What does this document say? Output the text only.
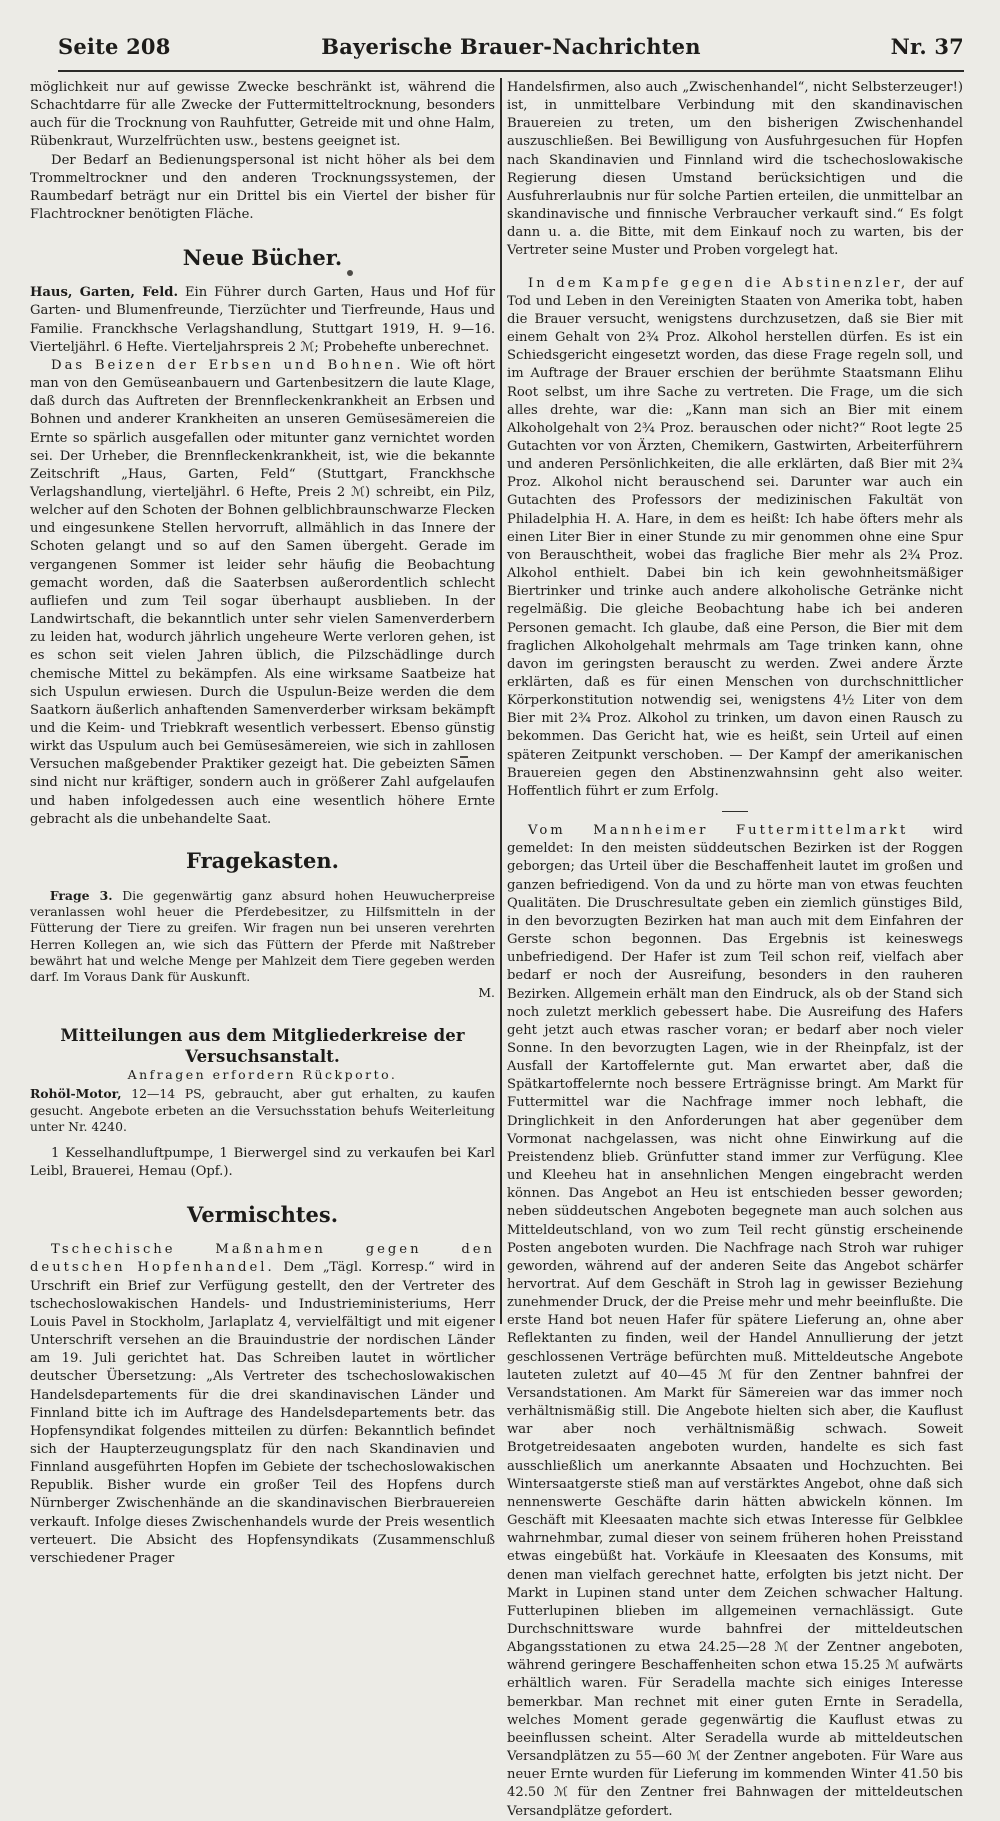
Seite 208	Bayerische Brauer-Nachrichten	Nr. 37

möglichkeit nur auf gewisse Zwecke beschränkt ist, während die Schachtdarre für alle Zwecke der Futtermitteltrocknung, besonders auch für die Trocknung von Rauhfutter, Getreide mit und ohne Halm, Rübenkraut, Wurzelfrüchten usw., bestens geeignet ist.

Der Bedarf an Bedienungspersonal ist nicht höher als bei dem Trommeltrockner und den anderen Trocknungssystemen, der Raumbedarf beträgt nur ein Drittel bis ein Viertel der bisher für Flachtrockner benötigten Fläche.

Neue Bücher.

Haus, Garten, Feld. Ein Führer durch Garten, Haus und Hof für Garten- und Blumenfreunde, Tierzüchter und Tierfreunde, Haus und Familie. Franckhsche Verlagshandlung, Stuttgart 1919, H. 9—16. Vierteljährl. 6 Hefte. Vierteljahrspreis 2 ℳ; Probehefte unberechnet.

Das Beizen der Erbsen und Bohnen. Wie oft hört man von den Gemüseanbauern und Gartenbesitzern die laute Klage, daß durch das Auftreten der Brennfleckenkrankheit an Erbsen und Bohnen und anderer Krankheiten an unseren Gemüsesämereien die Ernte so spärlich ausgefallen oder mitunter ganz vernichtet worden sei. Der Urheber, die Brennfleckenkrankheit, ist, wie die bekannte Zeitschrift „Haus, Garten, Feld“ (Stuttgart, Franckhsche Verlagshandlung, vierteljährl. 6 Hefte, Preis 2 ℳ) schreibt, ein Pilz, welcher auf den Schoten der Bohnen gelblichbraunschwarze Flecken und eingesunkene Stellen hervorruft, allmählich in das Innere der Schoten gelangt und so auf den Samen übergeht. Gerade im vergangenen Sommer ist leider sehr häufig die Beobachtung gemacht worden, daß die Saaterbsen außerordentlich schlecht aufliefen und zum Teil sogar überhaupt ausblieben. In der Landwirtschaft, die bekanntlich unter sehr vielen Samenverderbern zu leiden hat, wodurch jährlich ungeheure Werte verloren gehen, ist es schon seit vielen Jahren üblich, die Pilzschädlinge durch chemische Mittel zu bekämpfen. Als eine wirksame Saatbeize hat sich Uspulun erwiesen. Durch die Uspulun-Beize werden die dem Saatkorn äußerlich anhaftenden Samenverderber wirksam bekämpft und die Keim- und Triebkraft wesentlich verbessert. Ebenso günstig wirkt das Uspulum auch bei Gemüsesämereien, wie sich in zahllosen Versuchen maßgebender Praktiker gezeigt hat. Die gebeizten Samen sind nicht nur kräftiger, sondern auch in größerer Zahl aufgelaufen und haben infolgedessen auch eine wesentlich höhere Ernte gebracht als die unbehandelte Saat.

Fragekasten.

Frage 3. Die gegenwärtig ganz absurd hohen Heuwucherpreise veranlassen wohl heuer die Pferdebesitzer, zu Hilfsmitteln in der Fütterung der Tiere zu greifen. Wir fragen nun bei unseren verehrten Herren Kollegen an, wie sich das Füttern der Pferde mit Naßtreber bewährt hat und welche Menge per Mahlzeit dem Tiere gegeben werden darf. Im Voraus Dank für Auskunft.

M.
Mitteilungen aus dem Mitgliederkreise der Versuchsanstalt.
Anfragen erfordern Rückporto.

Rohöl-Motor, 12—14 PS, gebraucht, aber gut erhalten, zu kaufen gesucht. Angebote erbeten an die Versuchsstation behufs Weiterleitung unter Nr. 4240.

1 Kesselhandluftpumpe, 1 Bierwergel sind zu verkaufen bei Karl Leibl, Brauerei, Hemau (Opf.).

Vermischtes.

Tschechische Maßnahmen gegen den deutschen Hopfenhandel. Dem „Tägl. Korresp.“ wird in Urschrift ein Brief zur Verfügung gestellt, den der Vertreter des tschechoslowakischen Handels- und Industrieministeriums, Herr Louis Pavel in Stockholm, Jarlaplatz 4, vervielfältigt und mit eigener Unterschrift versehen an die Brauindustrie der nordischen Länder am 19. Juli gerichtet hat. Das Schreiben lautet in wörtlicher deutscher Übersetzung: „Als Vertreter des tschechoslowakischen Handelsdepartements für die drei skandinavischen Länder und Finnland bitte ich im Auftrage des Handelsdepartements betr. das Hopfensyndikat folgendes mitteilen zu dürfen: Bekanntlich befindet sich der Haupterzeugungsplatz für den nach Skandinavien und Finnland ausgeführten Hopfen im Gebiete der tschechoslowakischen Republik. Bisher wurde ein großer Teil des Hopfens durch Nürnberger Zwischenhände an die skandinavischen Bierbrauereien verkauft. Infolge dieses Zwischenhandels wurde der Preis wesentlich verteuert. Die Absicht des Hopfensyndikats (Zusammenschluß verschiedener Prager

Handelsfirmen, also auch „Zwischenhandel“, nicht Selbsterzeuger!) ist, in unmittelbare Verbindung mit den skandinavischen Brauereien zu treten, um den bisherigen Zwischenhandel auszuschließen. Bei Bewilligung von Ausfuhrgesuchen für Hopfen nach Skandinavien und Finnland wird die tschechoslowakische Regierung diesen Umstand berücksichtigen und die Ausfuhrerlaubnis nur für solche Partien erteilen, die unmittelbar an skandinavische und finnische Verbraucher verkauft sind.“ Es folgt dann u. a. die Bitte, mit dem Einkauf noch zu warten, bis der Vertreter seine Muster und Proben vorgelegt hat.

In dem Kampfe gegen die Abstinenzler, der auf Tod und Leben in den Vereinigten Staaten von Amerika tobt, haben die Brauer versucht, wenigstens durchzusetzen, daß sie Bier mit einem Gehalt von 2¾ Proz. Alkohol herstellen dürfen. Es ist ein Schiedsgericht eingesetzt worden, das diese Frage regeln soll, und im Auftrage der Brauer erschien der berühmte Staatsmann Elihu Root selbst, um ihre Sache zu vertreten. Die Frage, um die sich alles drehte, war die: „Kann man sich an Bier mit einem Alkoholgehalt von 2¾ Proz. berauschen oder nicht?“ Root legte 25 Gutachten vor von Ärzten, Chemikern, Gastwirten, Arbeiterführern und anderen Persönlichkeiten, die alle erklärten, daß Bier mit 2¾ Proz. Alkohol nicht berauschend sei. Darunter war auch ein Gutachten des Professors der medizinischen Fakultät von Philadelphia H. A. Hare, in dem es heißt: Ich habe öfters mehr als einen Liter Bier in einer Stunde zu mir genommen ohne eine Spur von Berauschtheit, wobei das fragliche Bier mehr als 2¾ Proz. Alkohol enthielt. Dabei bin ich kein gewohnheitsmäßiger Biertrinker und trinke auch andere alkoholische Getränke nicht regelmäßig. Die gleiche Beobachtung habe ich bei anderen Personen gemacht. Ich glaube, daß eine Person, die Bier mit dem fraglichen Alkoholgehalt mehrmals am Tage trinken kann, ohne davon im geringsten berauscht zu werden. Zwei andere Ärzte erklärten, daß es für einen Menschen von durchschnittlicher Körperkonstitution notwendig sei, wenigstens 4½ Liter von dem Bier mit 2¾ Proz. Alkohol zu trinken, um davon einen Rausch zu bekommen. Das Gericht hat, wie es heißt, sein Urteil auf einen späteren Zeitpunkt verschoben. — Der Kampf der amerikanischen Brauereien gegen den Abstinenzwahnsinn geht also weiter. Hoffentlich führt er zum Erfolg.

Vom Mannheimer Futtermittelmarkt wird gemeldet: In den meisten süddeutschen Bezirken ist der Roggen geborgen; das Urteil über die Beschaffenheit lautet im großen und ganzen befriedigend. Von da und zu hörte man von etwas feuchten Qualitäten. Die Druschresultate geben ein ziemlich günstiges Bild, in den bevorzugten Bezirken hat man auch mit dem Einfahren der Gerste schon begonnen. Das Ergebnis ist keineswegs unbefriedigend. Der Hafer ist zum Teil schon reif, vielfach aber bedarf er noch der Ausreifung, besonders in den rauheren Bezirken. Allgemein erhält man den Eindruck, als ob der Stand sich noch zuletzt merklich gebessert habe. Die Ausreifung des Hafers geht jetzt auch etwas rascher voran; er bedarf aber noch vieler Sonne. In den bevorzugten Lagen, wie in der Rheinpfalz, ist der Ausfall der Kartoffelernte gut. Man erwartet aber, daß die Spätkartoffelernte noch bessere Erträgnisse bringt. Am Markt für Futtermittel war die Nachfrage immer noch lebhaft, die Dringlichkeit in den Anforderungen hat aber gegenüber dem Vormonat nachgelassen, was nicht ohne Einwirkung auf die Preistendenz blieb. Grünfutter stand immer zur Verfügung. Klee und Kleeheu hat in ansehnlichen Mengen eingebracht werden können. Das Angebot an Heu ist entschieden besser geworden; neben süddeutschen Angeboten begegnete man auch solchen aus Mitteldeutschland, von wo zum Teil recht günstig erscheinende Posten angeboten wurden. Die Nachfrage nach Stroh war ruhiger geworden, während auf der anderen Seite das Angebot schärfer hervortrat. Auf dem Geschäft in Stroh lag in gewisser Beziehung zunehmender Druck, der die Preise mehr und mehr beeinflußte. Die erste Hand bot neuen Hafer für spätere Lieferung an, ohne aber Reflektanten zu finden, weil der Handel Annullierung der jetzt geschlossenen Verträge befürchten muß. Mitteldeutsche Angebote lauteten zuletzt auf 40—45 ℳ für den Zentner bahnfrei der Versandstationen. Am Markt für Sämereien war das immer noch verhältnismäßig still. Die Angebote hielten sich aber, die Kauflust war aber noch verhältnismäßig schwach. Soweit Brotgetreidesaaten angeboten wurden, handelte es sich fast ausschließlich um anerkannte Absaaten und Hochzuchten. Bei Wintersaatgerste stieß man auf verstärktes Angebot, ohne daß sich nennenswerte Geschäfte darin hätten abwickeln können. Im Geschäft mit Kleesaaten machte sich etwas Interesse für Gelbklee wahrnehmbar, zumal dieser von seinem früheren hohen Preisstand etwas eingebüßt hat. Vorkäufe in Kleesaaten des Konsums, mit denen man vielfach gerechnet hatte, erfolgten bis jetzt nicht. Der Markt in Lupinen stand unter dem Zeichen schwacher Haltung. Futterlupinen blieben im allgemeinen vernachlässigt. Gute Durchschnittsware wurde bahnfrei der mitteldeutschen Abgangsstationen zu etwa 24.25—28 ℳ der Zentner angeboten, während geringere Beschaffenheiten schon etwa 15.25 ℳ aufwärts erhältlich waren. Für Seradella machte sich einiges Interesse bemerkbar. Man rechnet mit einer guten Ernte in Seradella, welches Moment gerade gegenwärtig die Kauflust etwas zu beeinflussen scheint. Alter Seradella wurde ab mitteldeutschen Versandplätzen zu 55—60 ℳ der Zentner angeboten. Für Ware aus neuer Ernte wurden für Lieferung im kommenden Winter 41.50 bis 42.50 ℳ für den Zentner frei Bahnwagen der mitteldeutschen Versandplätze gefordert.
